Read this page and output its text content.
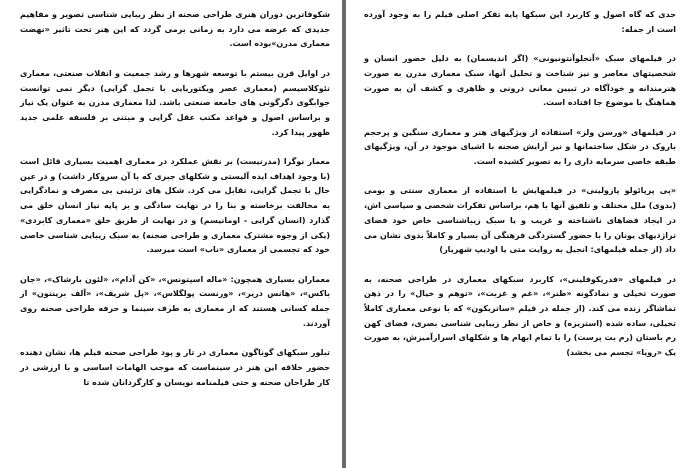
شکوفاترین دوران هنری طراحی صحنه از نظر زیبایی شناسی تصویر و مفاهیم جدیدی که عرضه می دارد به زمانی برمی گردد که این هنر تحت تاثیر «نهضت معماری مدرن»بوده است.

در اوایل قرن بیستم با توسعه شهرها و رشد جمعیت و انقلاب صنعتی، معماری نئوکلاسیسم (معماری عصر ویکتوریایی با تجمل گرایی) دیگر نمی توانست جوابگوی دگرگونی های جامعه صنعتی باشد. لذا معماری مدرن به عنوان یک نیاز و براساس اصول و قواعد مکتب عقل گرایی و مبتنی بر فلسفه علمی جدید ظهور پیدا کرد.

معمار نوگرا (مدرنیست) بر نقش عملکرد در معماری اهمیت بسیاری قائل است (با وجود اهداف ایده آلیستی و شکلهای جبری که با آن سروکار داشت) و در عین حال با تجمل گرایی، تقابل می کرد. شکل های تزئینی بی مصرف و نمادگرایی به مخالفت برخاسته و بنا را در نهایت سادگی و بر پایه نیاز انسان خلق می گذارد (انسان گرایی - اومانیسم) و در نهایت از طریق خلق «معماری کابردی» (یکی از وجوه مشترک معماری و طراحی صحنه) به سبک زیبایی شناسی خاصی خود که تجسمی از معماری «ناب» است میرسد.

معماران بسیاری همچون: «ماله اسپتونس»، «کن آدام»، «لئون بارشاک»، «جان باکس»، «هانس دریر»، «ورنست پولگلاس»، «پل شریف»، «آلف برینتون» از جمله کسانی هستند که از معماری به طرف سینما و حرفه طراحی صحنه روی آوردند.

تبلور سبکهای گوناگون معماری در تار و پود طراحی صحنه فیلم ها، نشان دهنده حضور خلاقه این هنر در سینماست که موجب الهامات اساسی و با ارزشی در کار طراحان صحنه و حتی فیلمنامه نویسان و کارگردانان شده تا

حدی که گاه اصول و کاربرد این سبکها پایه تفکر اصلی فیلم را به وجود آورده است از جمله:

در فیلمهای سبک «آنجلوآنتونیونی» (اگر اندیسمان) به دلیل حضور انسان و شخصیتهای معاصر و نیز شناخت و تحلیل آنها، سبک معماری مدرن به صورت هنرمندانه و خودآگاه در تبیین معانی درونی و ظاهری و کشف آن به صورت هماهنگ با موضوع جا افتاده است.

در فیلمهای «ورسن ولز» استفاده از ویژگیهای هنر و معماری سنگین و پرحجم باروک در شکل ساختمانها و نیز آرایش صحنه با اشیای موجود در آن، ویژگیهای طبقه خاصی سرمایه داری را به تصویر کشیده است.

«پی پرپائولو پازولینی» در فیلمهایش با استفاده از معماری سنتی و بومی (بدوی) ملل مختلف و تلفیق آنها با هم، براساس تفکرات شخصی و سیاسی اش، در ایجاد فضاهای ناشناخته و غریب و یا سبک زیباشناسی خاص خود فضای تراژدیهای یونان را با حضور گستردگی فرهنگی آن بسیار و کاملاً بدوی نشان می داد (از جمله فیلمهای: انجیل به روایت متی یا اودیپ شهریار)

در فیلمهای «فدریکوفلینی»، کاربرد سبکهای معماری در طراحی صحنه، به صورت تخیلی و نمادگونه «طنز»، «غم و غربت»، «توهم و خیال» را در ذهن تماشاگر زنده می کند. (از جمله در فیلم «ساتریکون» که با نوعی معماری کاملاً تخیلی، ساده شده (استریزه) و خاص از نظر زیبایی شناسی بصری، فضای کهن رم باستان (رم بت پرست) را با تمام ابهام ها و شکلهای اسرارآمیزش، به صورت یک «رویا» تجسم می بخشد)
